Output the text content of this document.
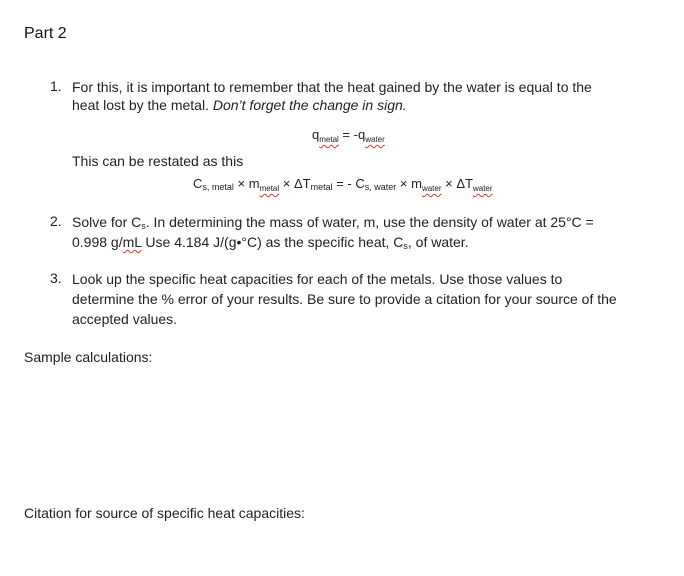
Part 2
1. For this, it is important to remember that the heat gained by the water is equal to the
heat lost by the metal. Don’t forget the change in sign.
$q_{metal} = -q_{water}$
This can be restated as this
$C_{s, metal} \times m_{metal} \times \Delta T_{metal}$ = - $C_{s, water} \times m_{water} \times \Delta T_{water}$
2. Solve for $C_s$. In determining the mass of water, m, use the density of water at 25°C =
0.998 g/mL Use 4.184 J/(g•°C) as the specific heat, $C_s$, of water.
3. Look up the specific heat capacities for each of the metals. Use those values to
determine the % error of your results. Be sure to provide a citation for your source of the
accepted values.
Sample calculations:
Citation for source of specific heat capacities:
